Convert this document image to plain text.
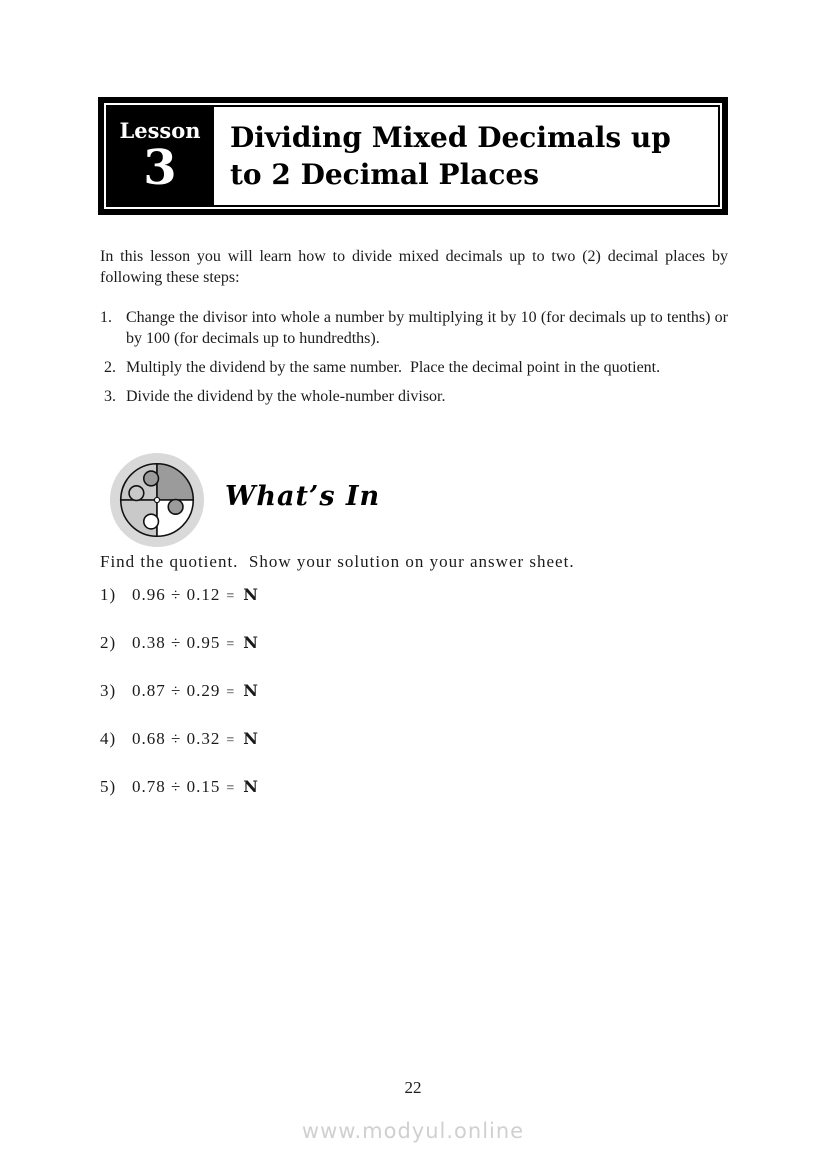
Lesson
3
Dividing Mixed Decimals up
to 2 Decimal Places

In this lesson you will learn how to divide mixed decimals up to two (2) decimal places by following these steps:

1. Change the divisor into whole a number by multiplying it by 10 (for decimals up to tenths) or by 100 (for decimals up to hundredths).
2. Multiply the dividend by the same number.  Place the decimal point in the quotient.
3. Divide the dividend by the whole-number divisor.
What’s In

Find the quotient.  Show your solution on your answer sheet.

1) 0.96 ÷ 0.12 = N
2) 0.38 ÷ 0.95 = N
3) 0.87 ÷ 0.29 = N
4) 0.68 ÷ 0.32 = N
5) 0.78 ÷ 0.15 = N
22
www.modyul.online
